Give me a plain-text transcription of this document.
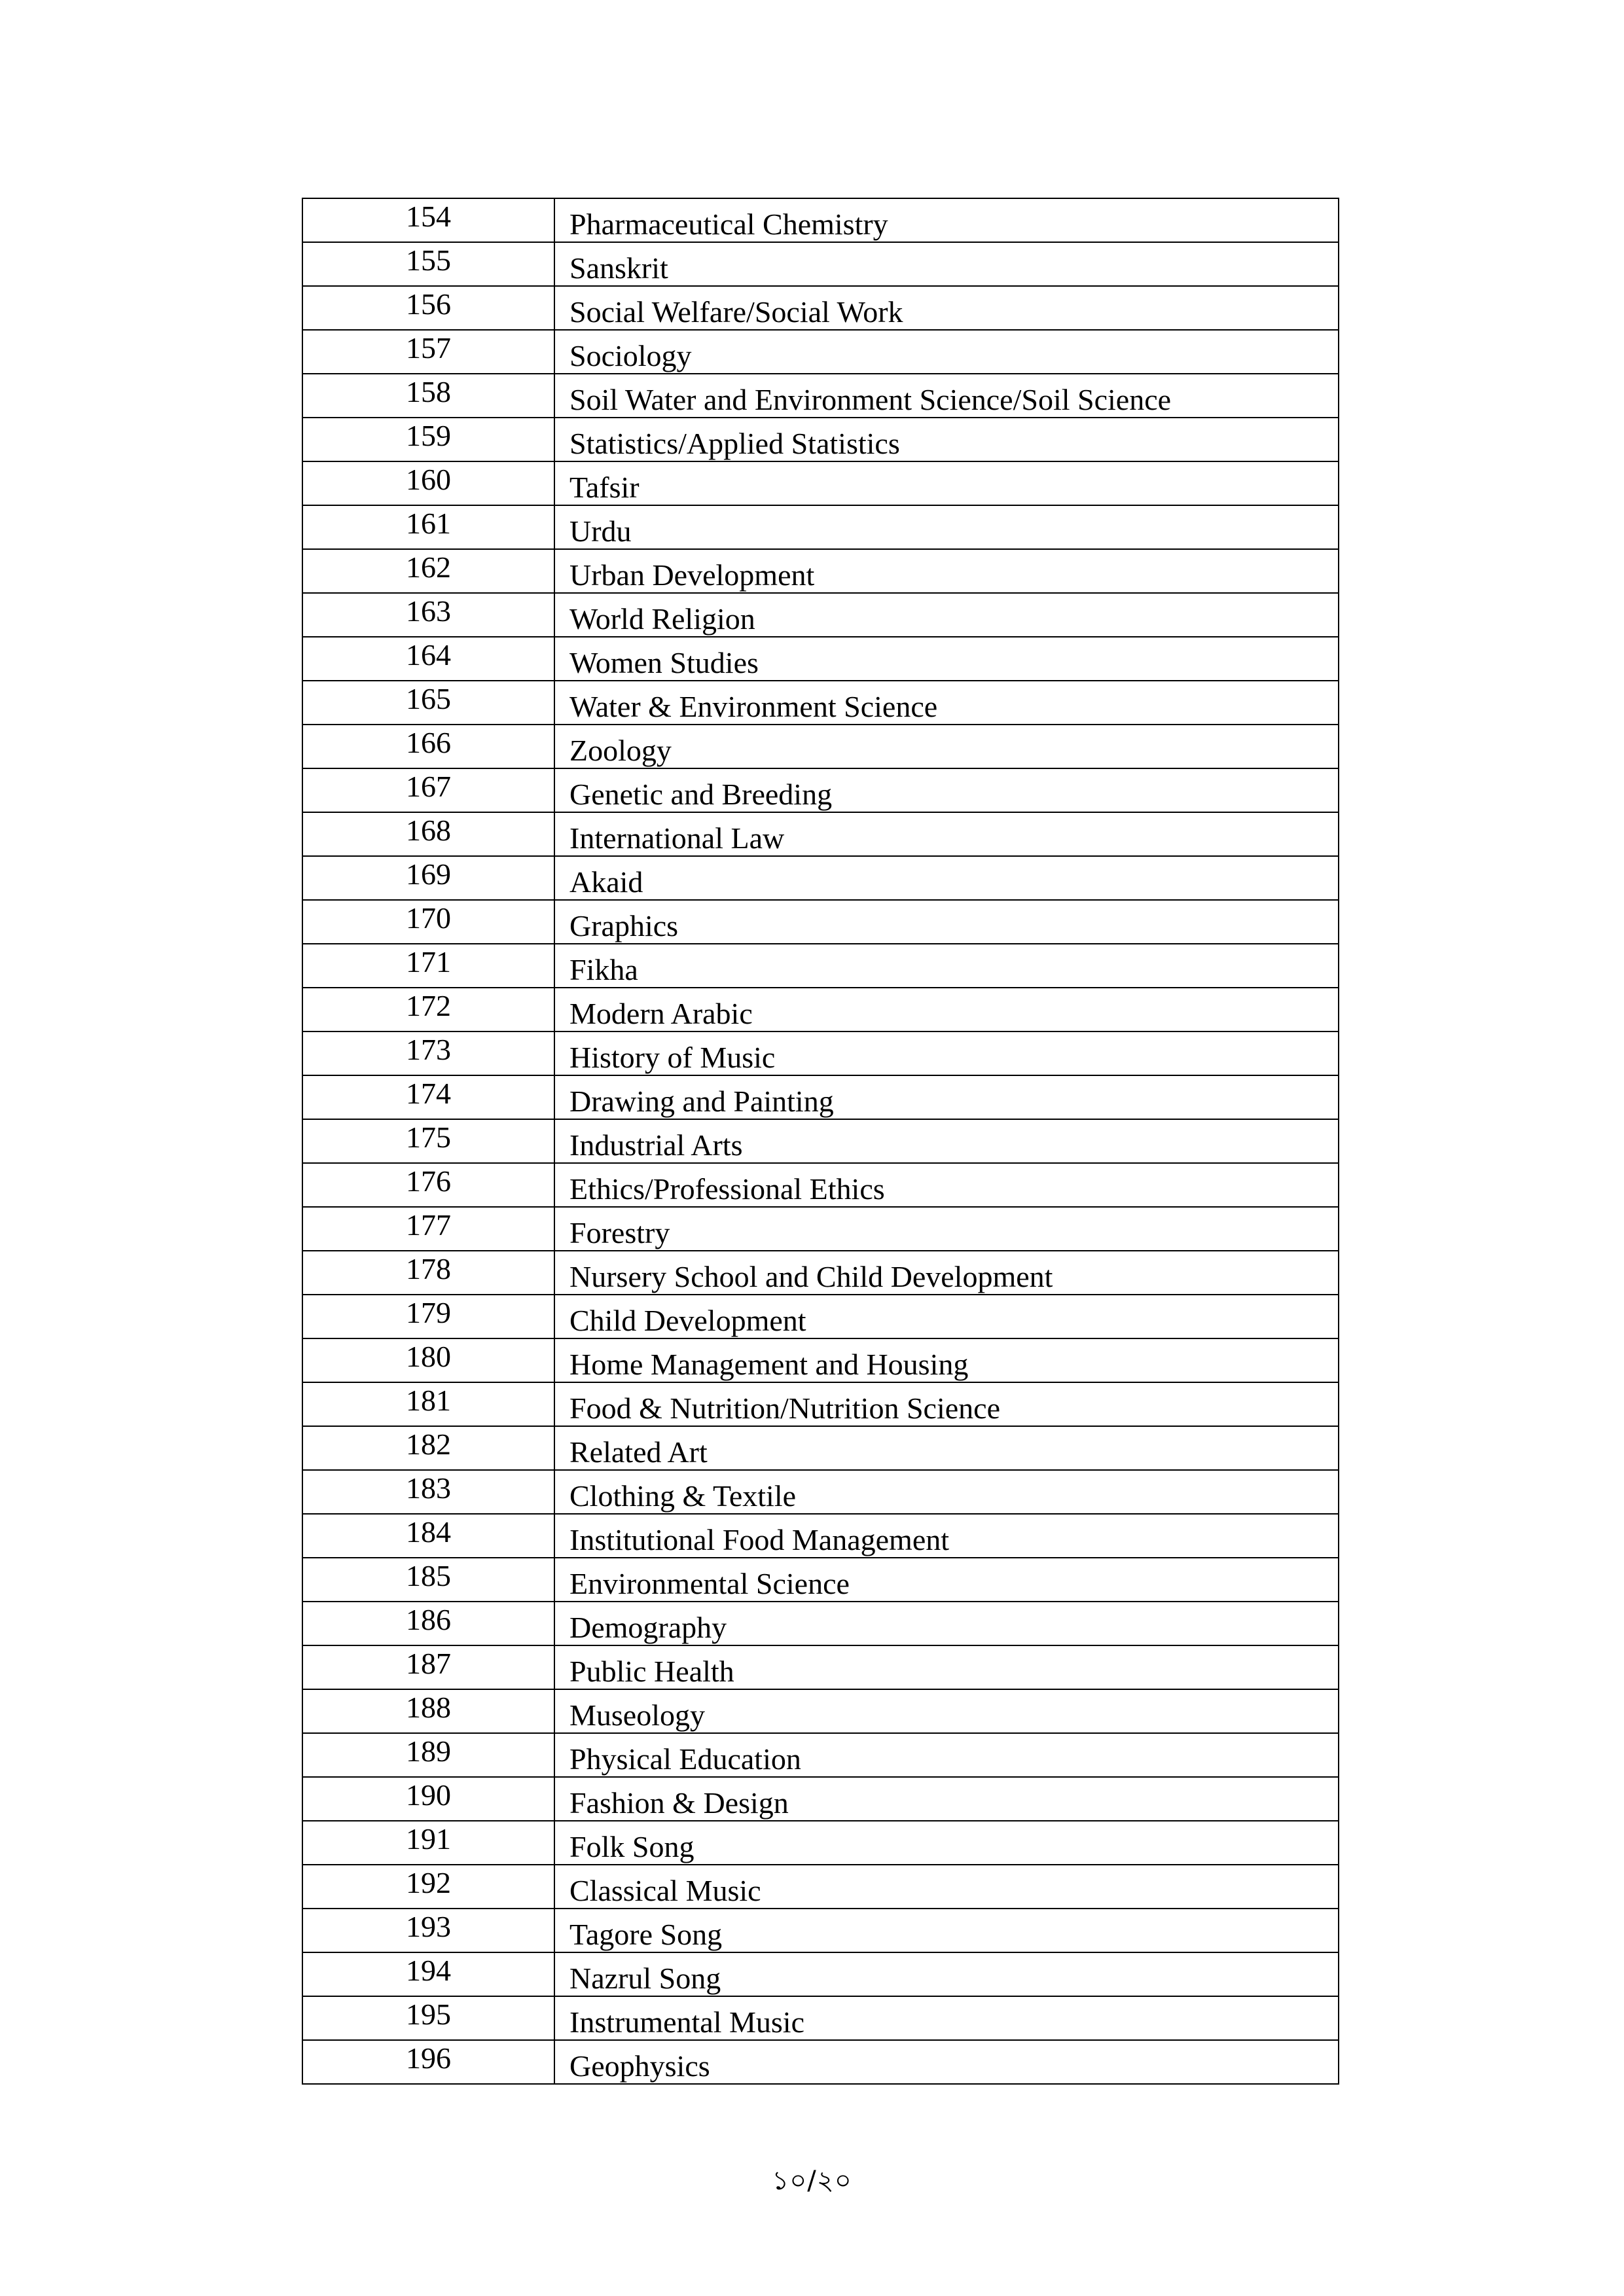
154	Pharmaceutical Chemistry
155	Sanskrit
156	Social Welfare/Social Work
157	Sociology
158	Soil Water and Environment Science/Soil Science
159	Statistics/Applied Statistics
160	Tafsir
161	Urdu
162	Urban Development
163	World Religion
164	Women Studies
165	Water & Environment Science
166	Zoology
167	Genetic and Breeding
168	International Law
169	Akaid
170	Graphics
171	Fikha
172	Modern Arabic
173	History of Music
174	Drawing and Painting
175	Industrial Arts
176	Ethics/Professional Ethics
177	Forestry
178	Nursery School and Child Development
179	Child Development
180	Home Management and Housing
181	Food & Nutrition/Nutrition Science
182	Related Art
183	Clothing & Textile
184	Institutional Food Management
185	Environmental Science
186	Demography
187	Public Health
188	Museology
189	Physical Education
190	Fashion & Design
191	Folk Song
192	Classical Music
193	Tagore Song
194	Nazrul Song
195	Instrumental Music
196	Geophysics
১০/২০
